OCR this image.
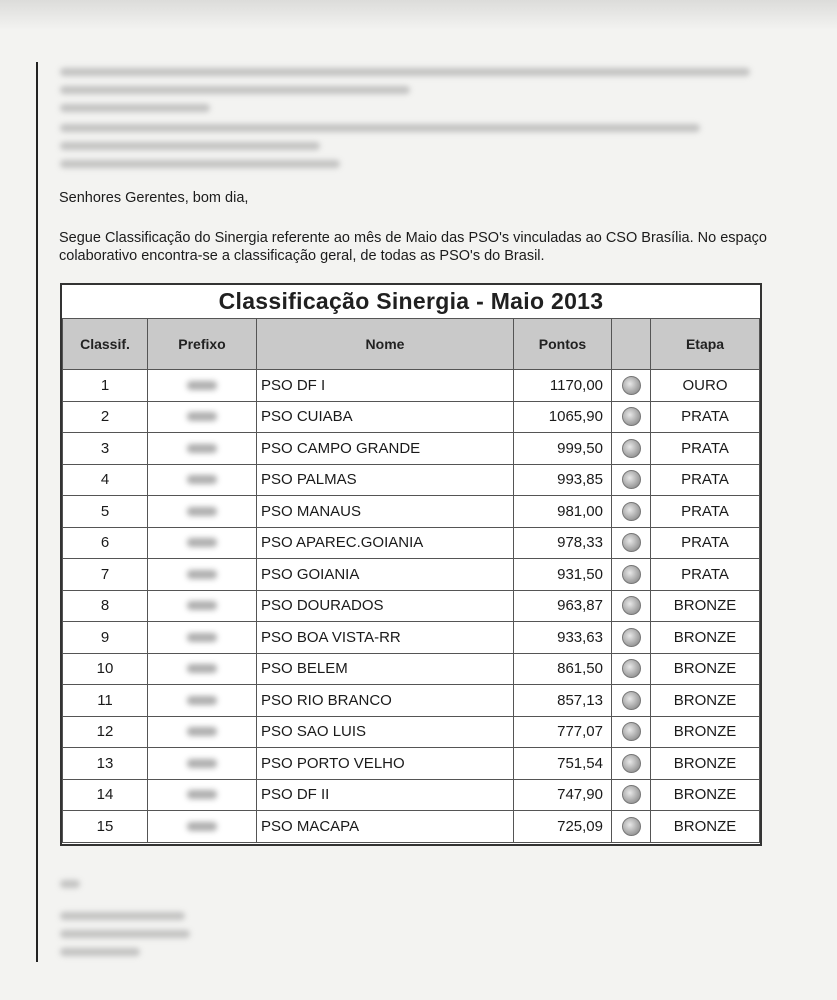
Senhores Gerentes, bom dia,
Segue Classificação do Sinergia referente ao mês de Maio das PSO's vinculadas ao CSO Brasília. No espaço colaborativo encontra-se a classificação geral, de todas as PSO's do Brasil.
Classificação Sinergia - Maio 2013
Classif.	Prefixo	Nome	Pontos		Etapa
1		PSO DF I	1170,00		OURO
2		PSO CUIABA	1065,90		PRATA
3		PSO CAMPO GRANDE	999,50		PRATA
4		PSO PALMAS	993,85		PRATA
5		PSO MANAUS	981,00		PRATA
6		PSO APAREC.GOIANIA	978,33		PRATA
7		PSO GOIANIA	931,50		PRATA
8		PSO DOURADOS	963,87		BRONZE
9		PSO BOA VISTA-RR	933,63		BRONZE
10		PSO BELEM	861,50		BRONZE
11		PSO RIO BRANCO	857,13		BRONZE
12		PSO SAO LUIS	777,07		BRONZE
13		PSO PORTO VELHO	751,54		BRONZE
14		PSO DF II	747,90		BRONZE
15		PSO MACAPA	725,09		BRONZE
